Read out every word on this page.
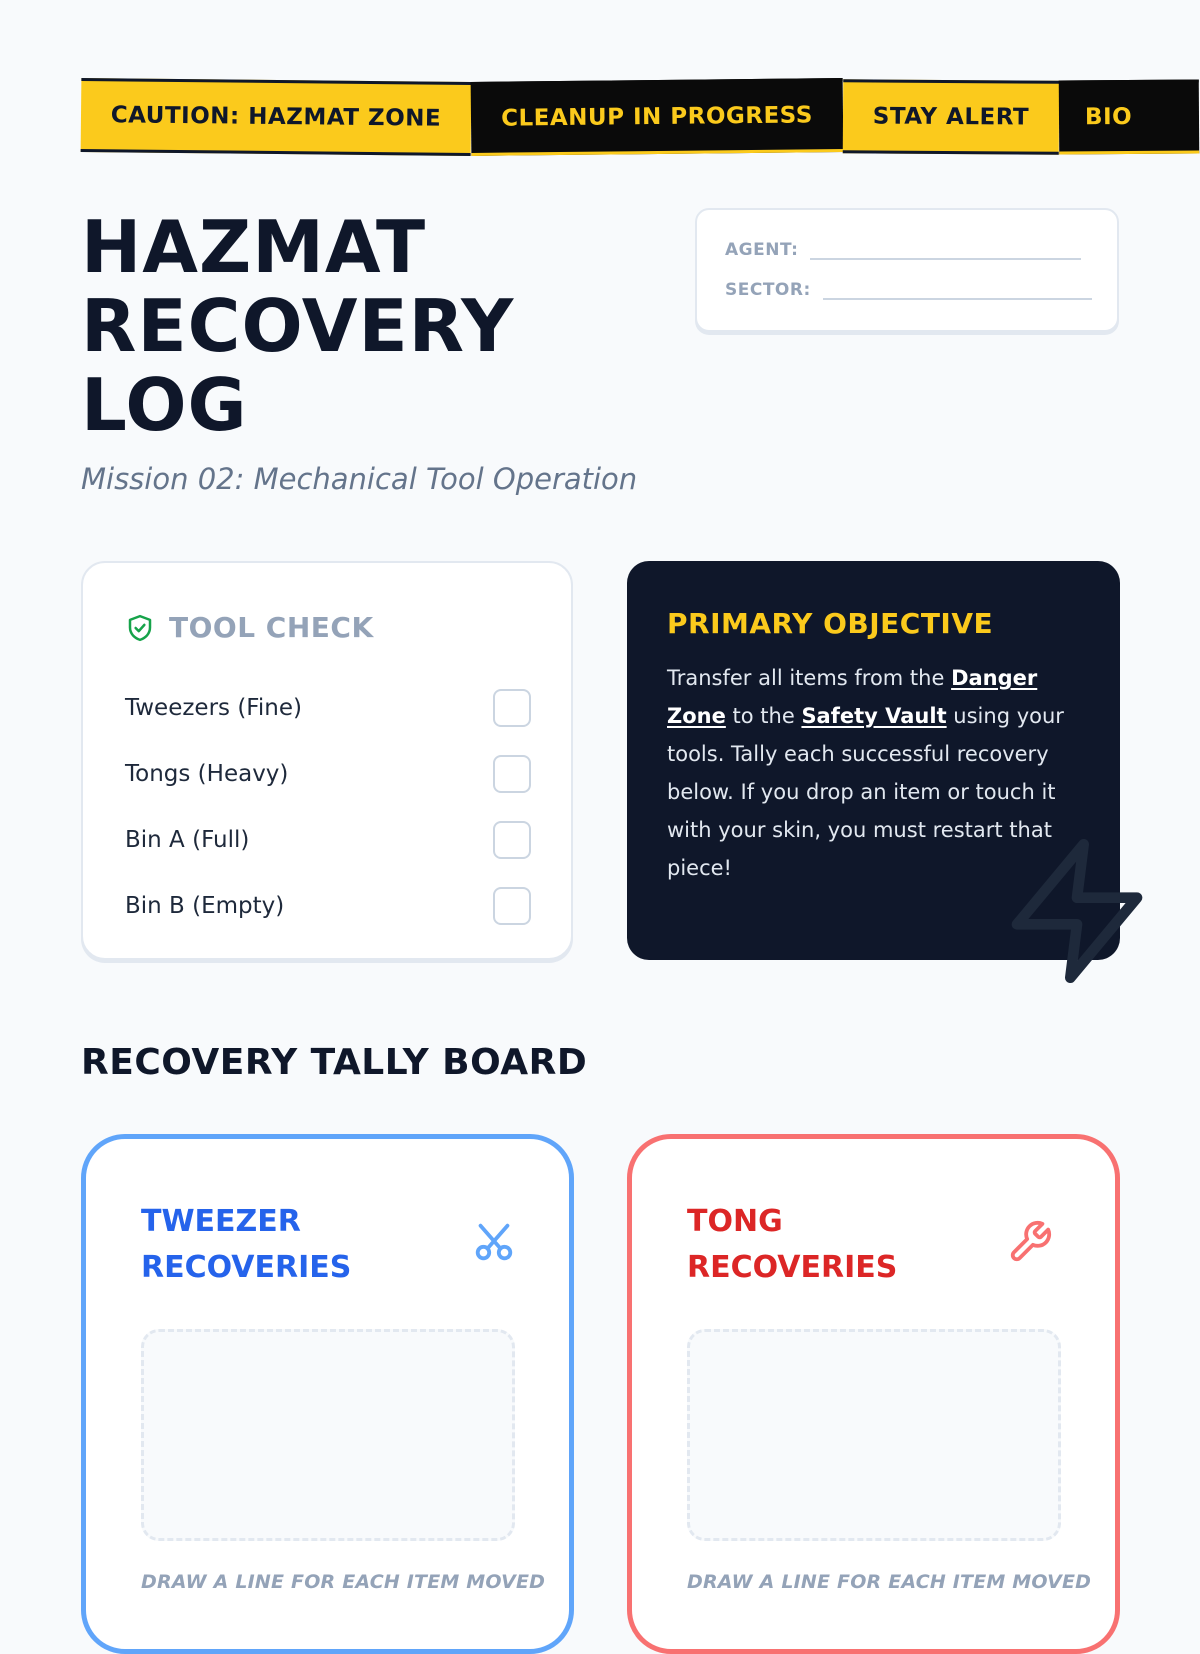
CAUTION: HAZMAT ZONE	CLEANUP IN PROGRESS	STAY ALERT	BIO
HAZMAT
RECOVERY
LOG
Mission 02: Mechanical Tool Operation
AGENT:
SECTOR:
TOOL CHECK
Tweezers (Fine)
Tongs (Heavy)
Bin A (Full)
Bin B (Empty)
PRIMARY OBJECTIVE

Transfer all items from the Danger Zone to the Safety Vault using your tools. Tally each successful recovery below. If you drop an item or touch it with your skin, you must restart that piece!

RECOVERY TALLY BOARD
TWEEZER
RECOVERIES
DRAW A LINE FOR EACH ITEM MOVED
TONG
RECOVERIES
DRAW A LINE FOR EACH ITEM MOVED
